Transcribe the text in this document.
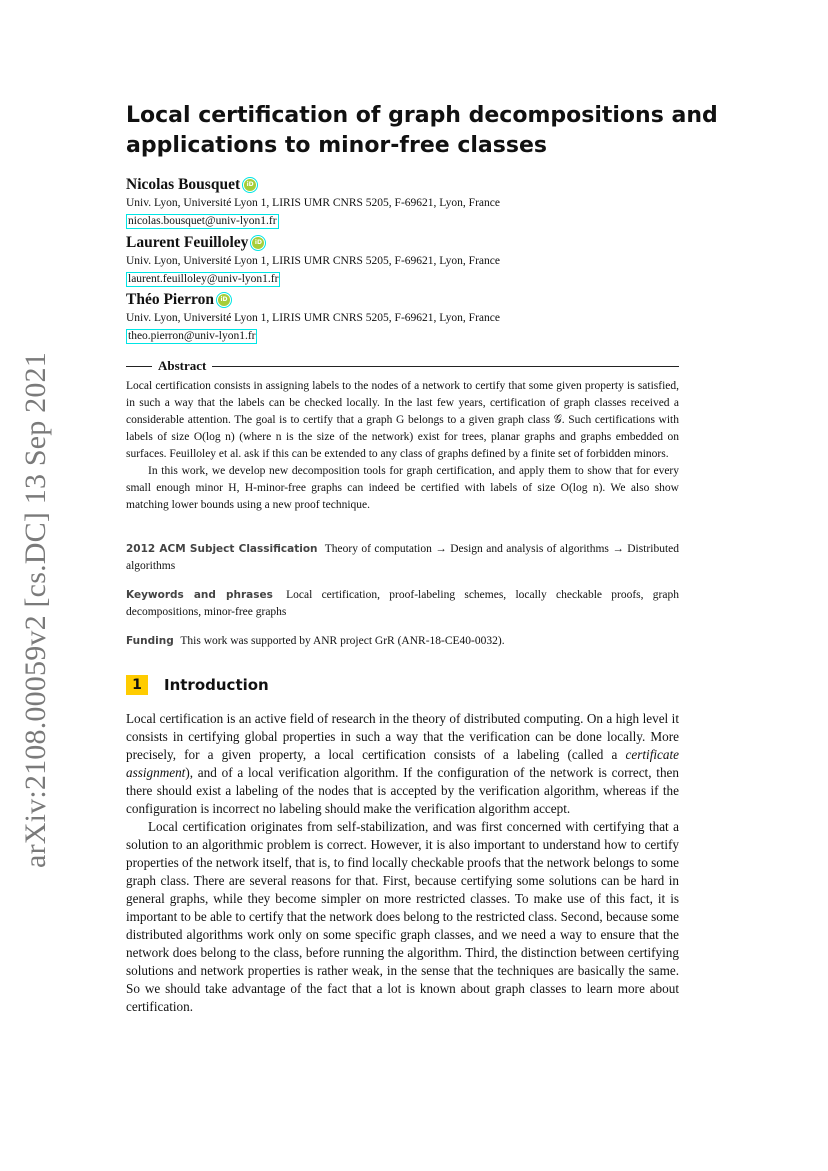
arXiv:2108.00059v2 [cs.DC] 13 Sep 2021
Local certification of graph decompositions and
applications to minor-free classes
Nicolas Bousquet iD
Univ. Lyon, Université Lyon 1, LIRIS UMR CNRS 5205, F-69621, Lyon, France
nicolas.bousquet@univ-lyon1.fr
Laurent Feuilloley iD
Univ. Lyon, Université Lyon 1, LIRIS UMR CNRS 5205, F-69621, Lyon, France
laurent.feuilloley@univ-lyon1.fr
Théo Pierron iD
Univ. Lyon, Université Lyon 1, LIRIS UMR CNRS 5205, F-69621, Lyon, France
theo.pierron@univ-lyon1.fr
Abstract

Local certification consists in assigning labels to the nodes of a network to certify that some given property is satisfied, in such a way that the labels can be checked locally. In the last few years, certification of graph classes received a considerable attention. The goal is to certify that a graph G belongs to a given graph class 𝒢. Such certifications with labels of size O(log n) (where n is the size of the network) exist for trees, planar graphs and graphs embedded on surfaces. Feuilloley et al. ask if this can be extended to any class of graphs defined by a finite set of forbidden minors.

In this work, we develop new decomposition tools for graph certification, and apply them to show that for every small enough minor H, H-minor-free graphs can indeed be certified with labels of size O(log n). We also show matching lower bounds using a new proof technique.

2012 ACM Subject Classification Theory of computation → Design and analysis of algorithms → Distributed algorithms
Keywords and phrases Local certification, proof-labeling schemes, locally checkable proofs, graph decompositions, minor-free graphs
Funding This work was supported by ANR project GrR (ANR-18-CE40-0032).
1	Introduction

Local certification is an active field of research in the theory of distributed computing. On a high level it consists in certifying global properties in such a way that the verification can be done locally. More precisely, for a given property, a local certification consists of a labeling (called a certificate assignment), and of a local verification algorithm. If the configuration of the network is correct, then there should exist a labeling of the nodes that is accepted by the verification algorithm, whereas if the configuration is incorrect no labeling should make the verification algorithm accept.

Local certification originates from self-stabilization, and was first concerned with certifying that a solution to an algorithmic problem is correct. However, it is also important to understand how to certify properties of the network itself, that is, to find locally checkable proofs that the network belongs to some graph class. There are several reasons for that. First, because certifying some solutions can be hard in general graphs, while they become simpler on more restricted classes. To make use of this fact, it is important to be able to certify that the network does belong to the restricted class. Second, because some distributed algorithms work only on some specific graph classes, and we need a way to ensure that the network does belong to the class, before running the algorithm. Third, the distinction between certifying solutions and network properties is rather weak, in the sense that the techniques are basically the same. So we should take advantage of the fact that a lot is known about graph classes to learn more about certification.
